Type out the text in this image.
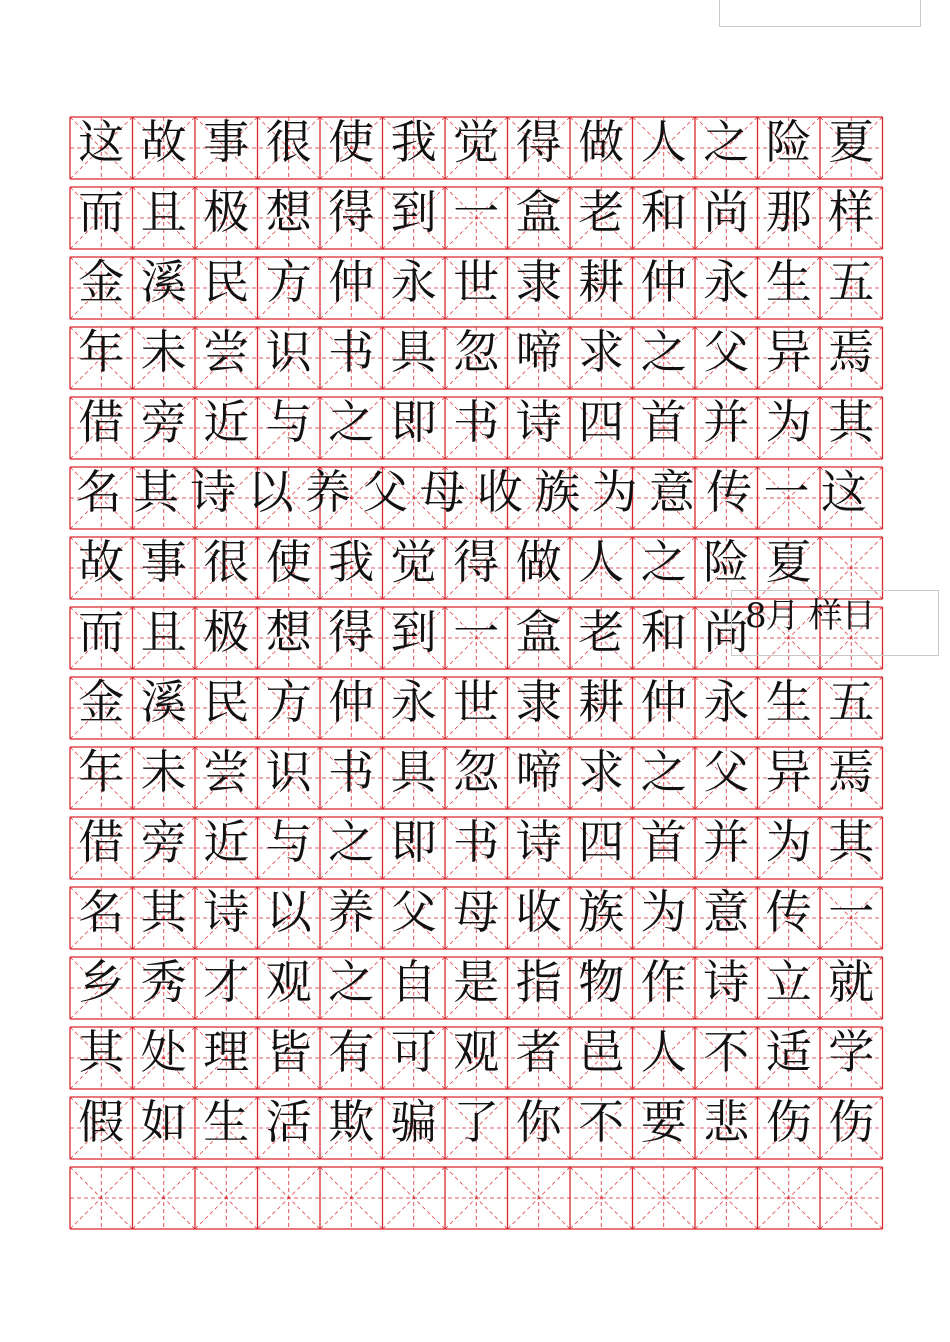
这 故 事 很 使 我 觉 得 做 人 之 险 夏
而 且 极 想 得 到 一 盒 老 和 尚 那 样
金 溪 民 方 仲 永 世 隶 耕 仲 永 生 五
年 未 尝 识 书 具 忽 啼 求 之 父 异 焉
借 旁 近 与 之 即 书 诗 四 首 并 为 其
名 其 诗 以 养 父 母 收 族 为 意 传 一 这
故 事 很 使 我 觉 得 做 人 之 险 夏
而 且 极 想 得 到 一 盒 老 和 尚
金 溪 民 方 仲 永 世 隶 耕 仲 永 生 五
年 未 尝 识 书 具 忽 啼 求 之 父 异 焉
借 旁 近 与 之 即 书 诗 四 首 并 为 其
名 其 诗 以 养 父 母 收 族 为 意 传 一
乡 秀 才 观 之 自 是 指 物 作 诗 立 就
其 处 理 皆 有 可 观 者 邑 人 不 适 学
假 如 生 活 欺 骗 了 你 不 要 悲 伤 伤
8月 样日
